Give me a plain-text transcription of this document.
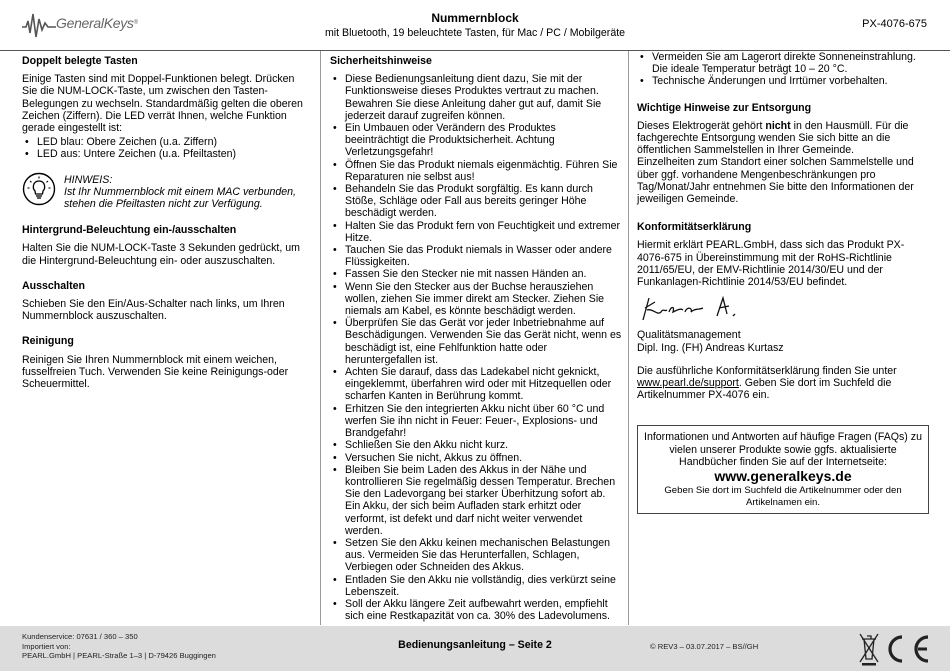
GeneralKeys®	Nummernblock
mit Bluetooth, 19 beleuchtete Tasten, für Mac / PC / Mobilgeräte
PX-4076-675
Doppelt belegte Tasten

Einige Tasten sind mit Doppel-Funktionen belegt. Drücken Sie die NUM-LOCK-Taste, um zwischen den Tasten-Belegungen zu wechseln. Standardmäßig gelten die oberen Zeichen (Ziffern). Die LED verrät Ihnen, welche Funktion gerade eingestellt ist:

• LED blau: Obere Zeichen (u.a. Ziffern)
• LED aus: Untere Zeichen (u.a. Pfeiltasten)
HINWEIS:
Ist Ihr Nummernblock mit einem MAC verbunden, stehen die Pfeiltasten nicht zur Verfügung.
Hintergrund-Beleuchtung ein-/ausschalten

Halten Sie die NUM-LOCK-Taste 3 Sekunden gedrückt, um die Hintergrund-Beleuchtung ein- oder auszuschalten.

Ausschalten

Schieben Sie den Ein/Aus-Schalter nach links, um Ihren Nummernblock auszuschalten.

Reinigung

Reinigen Sie Ihren Nummernblock mit einem weichen, fusselfreien Tuch. Verwenden Sie keine Reinigungs-oder Scheuermittel.

Sicherheitshinweise
• Diese Bedienungsanleitung dient dazu, Sie mit der Funktionsweise dieses Produktes vertraut zu machen. Bewahren Sie diese Anleitung daher gut auf, damit Sie jederzeit darauf zugreifen können.
• Ein Umbauen oder Verändern des Produktes beeinträchtigt die Produktsicherheit. Achtung Verletzungsgefahr!
• Öffnen Sie das Produkt niemals eigenmächtig. Führen Sie Reparaturen nie selbst aus!
• Behandeln Sie das Produkt sorgfältig. Es kann durch Stöße, Schläge oder Fall aus bereits geringer Höhe beschädigt werden.
• Halten Sie das Produkt fern von Feuchtigkeit und extremer Hitze.
• Tauchen Sie das Produkt niemals in Wasser oder andere Flüssigkeiten.
• Fassen Sie den Stecker nie mit nassen Händen an.
• Wenn Sie den Stecker aus der Buchse herausziehen wollen, ziehen Sie immer direkt am Stecker. Ziehen Sie niemals am Kabel, es könnte beschädigt werden.
• Überprüfen Sie das Gerät vor jeder Inbetriebnahme auf Beschädigungen. Verwenden Sie das Gerät nicht, wenn es beschädigt ist, eine Fehlfunktion hatte oder heruntergefallen ist.
• Achten Sie darauf, dass das Ladekabel nicht geknickt, eingeklemmt, überfahren wird oder mit Hitzequellen oder scharfen Kanten in Berührung kommt.
• Erhitzen Sie den integrierten Akku nicht über 60 °C und werfen Sie ihn nicht in Feuer: Feuer-, Explosions- und Brandgefahr!
• Schließen Sie den Akku nicht kurz.
• Versuchen Sie nicht, Akkus zu öffnen.
• Bleiben Sie beim Laden des Akkus in der Nähe und kontrollieren Sie regelmäßig dessen Temperatur. Brechen Sie den Ladevorgang bei starker Überhitzung sofort ab. Ein Akku, der sich beim Aufladen stark erhitzt oder verformt, ist defekt und darf nicht weiter verwendet werden.
• Setzen Sie den Akku keinen mechanischen Belastungen aus. Vermeiden Sie das Herunterfallen, Schlagen, Verbiegen oder Schneiden des Akkus.
• Entladen Sie den Akku nie vollständig, dies verkürzt seine Lebenszeit.
• Soll der Akku längere Zeit aufbewahrt werden, empfiehlt sich eine Restkapazität von ca. 30% des Ladevolumens.
• Vermeiden Sie am Lagerort direkte Sonneneinstrahlung. Die ideale Temperatur beträgt 10 – 20 °C.
• Technische Änderungen und Irrtümer vorbehalten.
Wichtige Hinweise zur Entsorgung

Dieses Elektrogerät gehört nicht in den Hausmüll. Für die fachgerechte Entsorgung wenden Sie sich bitte an die öffentlichen Sammelstellen in Ihrer Gemeinde.

Einzelheiten zum Standort einer solchen Sammelstelle und über ggf. vorhandene Mengenbeschränkungen pro Tag/Monat/Jahr entnehmen Sie bitte den Informationen der jeweiligen Gemeinde.

Konformitätserklärung

Hiermit erklärt PEARL.GmbH, dass sich das Produkt PX-4076-675 in Übereinstimmung mit der RoHS-Richtlinie 2011/65/EU, der EMV-Richtlinie 2014/30/EU und der Funkanlagen-Richtlinie 2014/53/EU befindet.

Qualitätsmanagement

Dipl. Ing. (FH) Andreas Kurtasz

Die ausführliche Konformitätserklärung finden Sie unter www.pearl.de/support. Geben Sie dort im Suchfeld die Artikelnummer PX-4076 ein.

Informationen und Antworten auf häufige Fragen (FAQs) zu vielen unserer Produkte sowie ggfs. aktualisierte Handbücher finden Sie auf der Internetseite:

www.generalkeys.de

Geben Sie dort im Suchfeld die Artikelnummer oder den Artikelnamen ein.

Kundenservice: 07631 / 360 – 350
Importiert von:
PEARL.GmbH | PEARL-Straße 1–3 | D-79426 Buggingen
Bedienungsanleitung – Seite 2	© REV3 – 03.07.2017 – BS//GH
